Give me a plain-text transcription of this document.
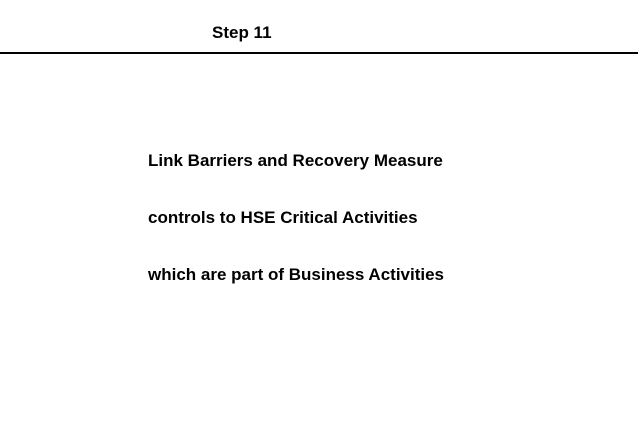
Step 11
Link Barriers and Recovery Measure
controls to HSE Critical Activities
which are part of Business Activities
